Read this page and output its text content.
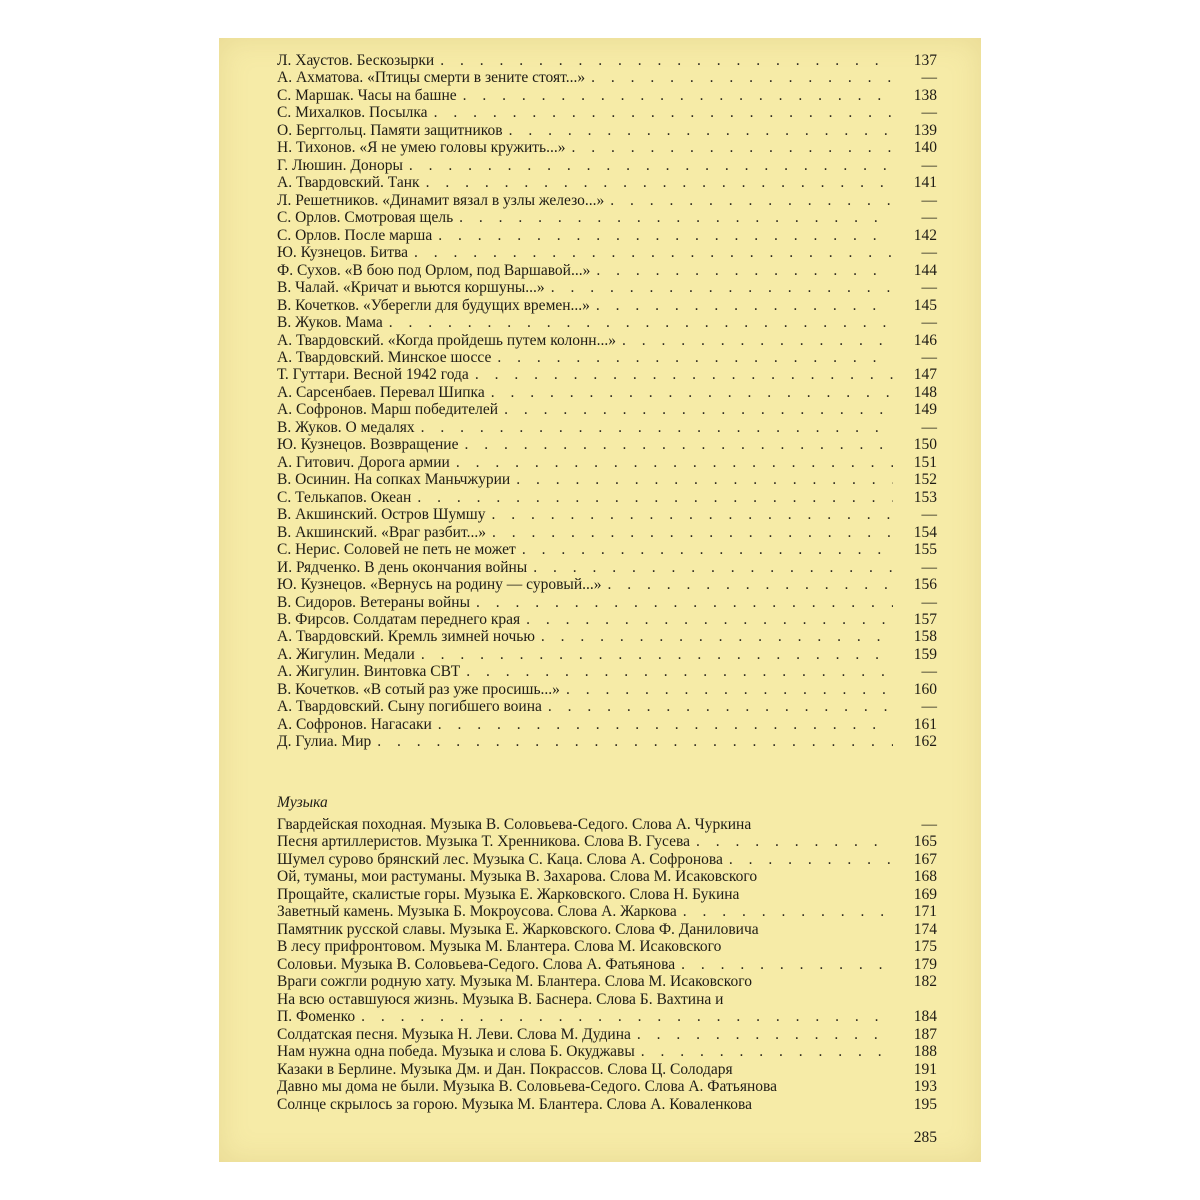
Л. Хаустов. Бескозырки . . .	137
А. Ахматова. «Птицы смерти в зените стоят...» . . .	—
С. Маршак. Часы на башне . . .	138
С. Михалков. Посылка . . .	—
О. Берггольц. Памяти защитников . . .	139
Н. Тихонов. «Я не умею головы кружить...» . . .	140
Г. Люшин. Доноры . . .	—
А. Твардовский. Танк . . .	141
Л. Решетников. «Динамит вязал в узлы железо...» . . .	—
С. Орлов. Смотровая щель . . .	—
С. Орлов. После марша . . .	142
Ю. Кузнецов. Битва . . .	—
Ф. Сухов. «В бою под Орлом, под Варшавой...» . . .	144
В. Чалай. «Кричат и вьются коршуны...» . . .	—
В. Кочетков. «Уберегли для будущих времен...» . . .	145
В. Жуков. Мама . . .	—
А. Твардовский. «Когда пройдешь путем колонн...» . . .	146
А. Твардовский. Минское шоссе . . .	—
Т. Гуттари. Весной 1942 года . . .	147
А. Сарсенбаев. Перевал Шипка . . .	148
А. Софронов. Марш победителей . . .	149
В. Жуков. О медалях . . .	—
Ю. Кузнецов. Возвращение . . .	150
А. Гитович. Дорога армии . . .	151
В. Осинин. На сопках Маньчжурии . . .	152
С. Телькапов. Океан . . .	153
В. Акшинский. Остров Шумшу . . .	—
В. Акшинский. «Враг разбит...» . . .	154
С. Нерис. Соловей не петь не может . . .	155
И. Рядченко. В день окончания войны . . .	—
Ю. Кузнецов. «Вернусь на родину — суровый...» . . .	156
В. Сидоров. Ветераны войны . . .	—
В. Фирсов. Солдатам переднего края . . .	157
А. Твардовский. Кремль зимней ночью . . .	158
А. Жигулин. Медали . . .	159
А. Жигулин. Винтовка СВТ . . .	—
В. Кочетков. «В сотый раз уже просишь...» . . .	160
А. Твардовский. Сыну погибшего воина . . .	—
А. Софронов. Нагасаки . . .	161
Д. Гулиа. Мир . . .	162
Музыка
Гвардейская походная. Музыка В. Соловьева-Седого. Слова А. Чуркина	—
Песня артиллеристов. Музыка Т. Хренникова. Слова В. Гусева . . .	165
Шумел сурово брянский лес. Музыка С. Каца. Слова А. Софронова . . .	167
Ой, туманы, мои растуманы. Музыка В. Захарова. Слова М. Исаковского	168
Прощайте, скалистые горы. Музыка Е. Жарковского. Слова Н. Букина	169
Заветный камень. Музыка Б. Мокроусова. Слова А. Жаркова . . .	171
Памятник русской славы. Музыка Е. Жарковского. Слова Ф. Даниловича	174
В лесу прифронтовом. Музыка М. Блантера. Слова М. Исаковского	175
Соловьи. Музыка В. Соловьева-Седого. Слова А. Фатьянова . . .	179
Враги сожгли родную хату. Музыка М. Блантера. Слова М. Исаковского	182
На всю оставшуюся жизнь. Музыка В. Баснера. Слова Б. Вахтина и
П. Фоменко . . .	184
Солдатская песня. Музыка Н. Леви. Слова М. Дудина . . .	187
Нам нужна одна победа. Музыка и слова Б. Окуджавы . . .	188
Казаки в Берлине. Музыка Дм. и Дан. Покрассов. Слова Ц. Солодаря	191
Давно мы дома не были. Музыка В. Соловьева-Седого. Слова А. Фатьянова	193
Солнце скрылось за горою. Музыка М. Блантера. Слова А. Коваленкова	195
285
